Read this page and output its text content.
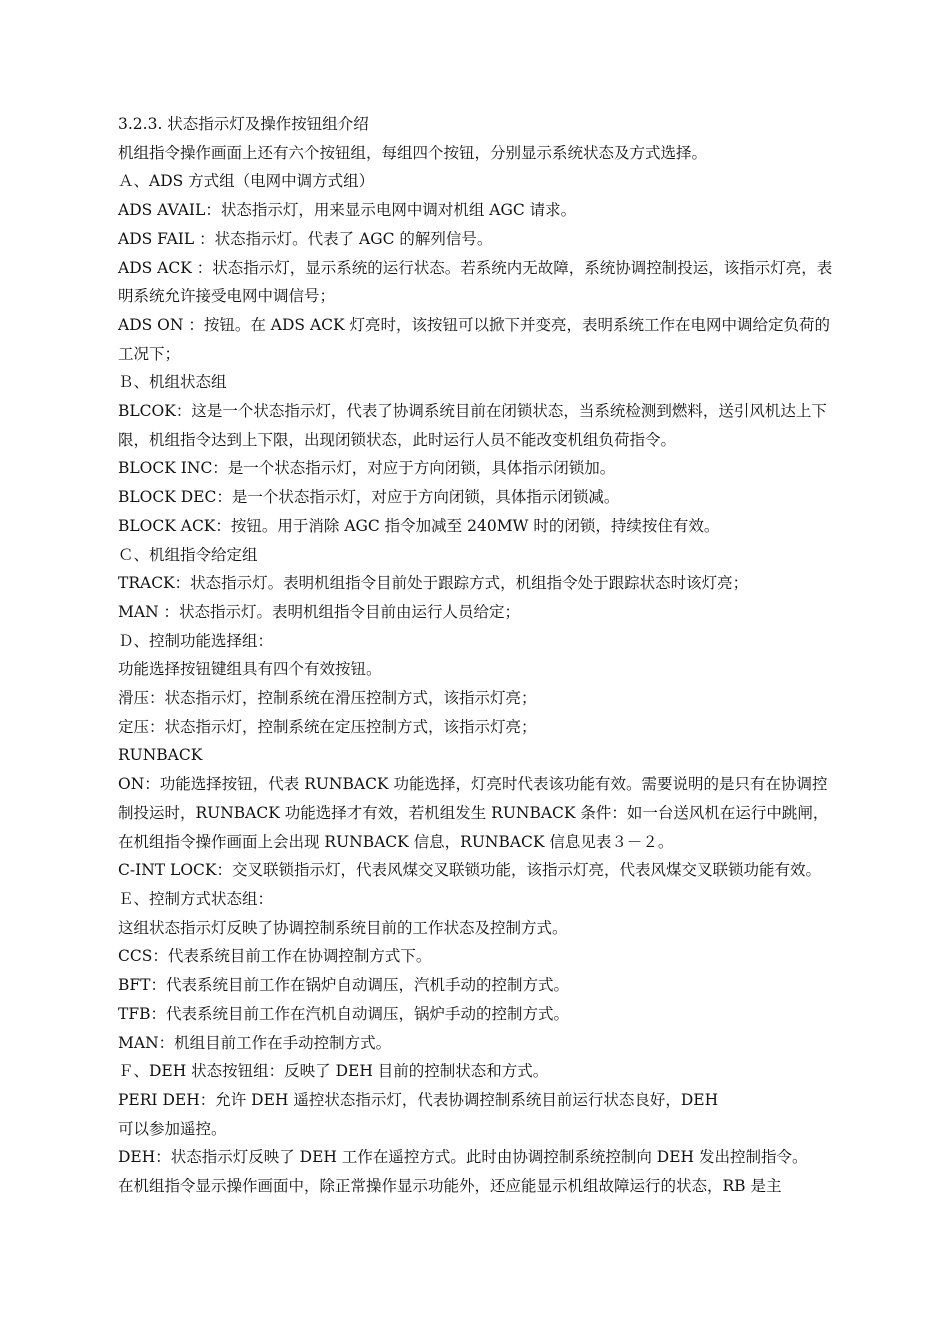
3.2.3. 状态指示灯及操作按钮组介绍

机组指令操作画面上还有六个按钮组，每组四个按钮，分别显示系统状态及方式选择。

Ａ、ADS 方式组（电网中调方式组）

ADS AVAIL：状态指示灯，用来显示电网中调对机组 AGC 请求。

ADS FAIL ：状态指示灯。代表了 AGC 的解列信号。

ADS ACK ：状态指示灯，显示系统的运行状态。若系统内无故障，系统协调控制投运，该指示灯亮，表明系统允许接受电网中调信号；

ADS ON ：按钮。在 ADS ACK 灯亮时，该按钮可以掀下并变亮，表明系统工作在电网中调给定负荷的工况下；

Ｂ、机组状态组

BLCOK：这是一个状态指示灯，代表了协调系统目前在闭锁状态，当系统检测到燃料，送引风机达上下限，机组指令达到上下限，出现闭锁状态，此时运行人员不能改变机组负荷指令。

BLOCK INC：是一个状态指示灯，对应于方向闭锁，具体指示闭锁加。

BLOCK DEC：是一个状态指示灯，对应于方向闭锁，具体指示闭锁减。

BLOCK ACK：按钮。用于消除 AGC 指令加减至 240MW 时的闭锁，持续按住有效。

Ｃ、机组指令给定组

TRACK：状态指示灯。表明机组指令目前处于跟踪方式，机组指令处于跟踪状态时该灯亮；

MAN ：状态指示灯。表明机组指令目前由运行人员给定；

Ｄ、控制功能选择组：

功能选择按钮键组具有四个有效按钮。

滑压：状态指示灯，控制系统在滑压控制方式，该指示灯亮；

定压：状态指示灯，控制系统在定压控制方式，该指示灯亮；

RUNBACK

ON：功能选择按钮，代表 RUNBACK 功能选择，灯亮时代表该功能有效。需要说明的是只有在协调控制投运时，RUNBACK 功能选择才有效，若机组发生 RUNBACK 条件：如一台送风机在运行中跳闸，在机组指令操作画面上会出现 RUNBACK 信息，RUNBACK 信息见表３－２。

C-INT LOCK：交叉联锁指示灯，代表风煤交叉联锁功能，该指示灯亮，代表风煤交叉联锁功能有效。

Ｅ、控制方式状态组：

这组状态指示灯反映了协调控制系统目前的工作状态及控制方式。

CCS：代表系统目前工作在协调控制方式下。

BFT：代表系统目前工作在锅炉自动调压，汽机手动的控制方式。

TFB：代表系统目前工作在汽机自动调压，锅炉手动的控制方式。

MAN：机组目前工作在手动控制方式。

Ｆ、DEH 状态按钮组：反映了 DEH 目前的控制状态和方式。

PERI DEH：允许 DEH 遥控状态指示灯，代表协调控制系统目前运行状态良好，DEH

可以参加遥控。

DEH：状态指示灯反映了 DEH 工作在遥控方式。此时由协调控制系统控制向 DEH 发出控制指令。

在机组指令显示操作画面中，除正常操作显示功能外，还应能显示机组故障运行的状态，RB 是主
